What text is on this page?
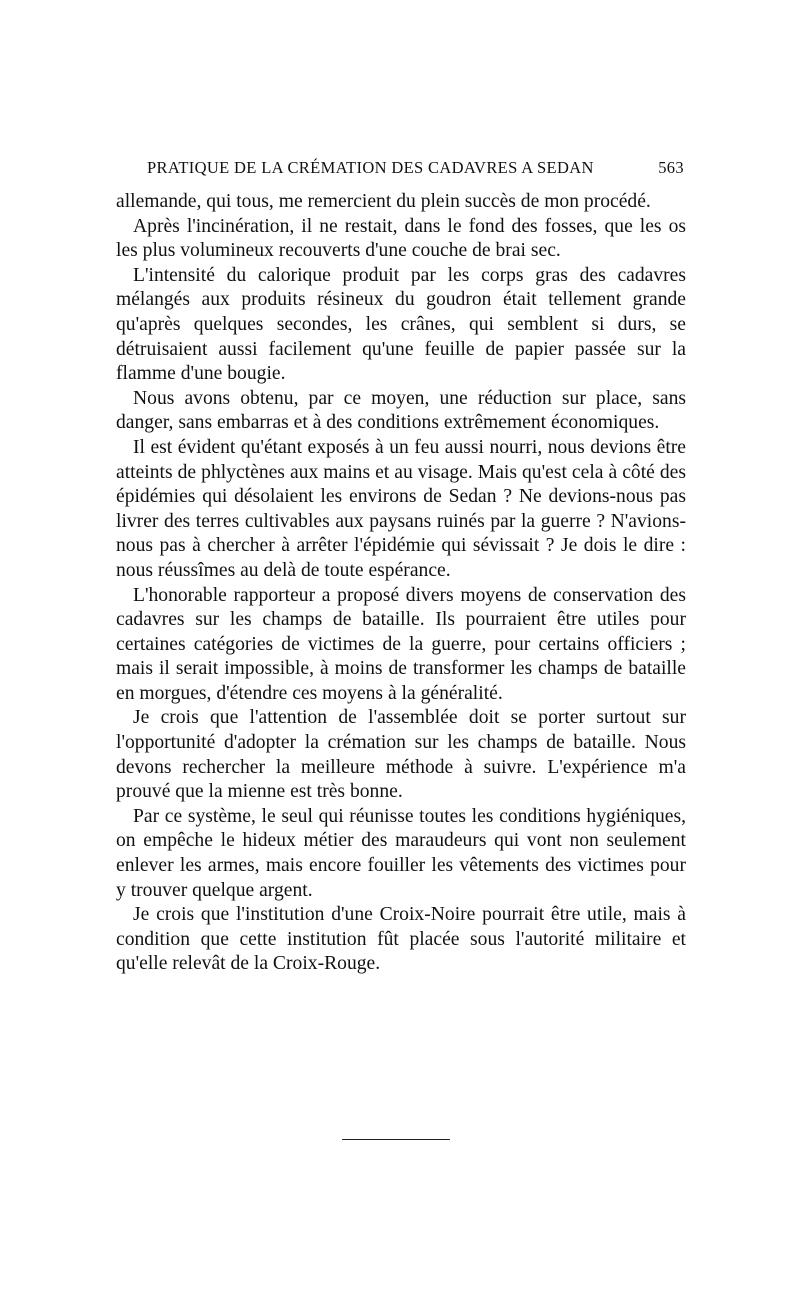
PRATIQUE DE LA CRÉMATION DES CADAVRES A SEDAN	563

allemande, qui tous, me remercient du plein succès de mon procédé.

Après l'incinération, il ne restait, dans le fond des fosses, que les os les plus volumineux recouverts d'une couche de brai sec.

L'intensité du calorique produit par les corps gras des cadavres mélangés aux produits résineux du goudron était tellement grande qu'après quelques secondes, les crânes, qui semblent si durs, se détruisaient aussi facilement qu'une feuille de papier passée sur la flamme d'une bougie.

Nous avons obtenu, par ce moyen, une réduction sur place, sans danger, sans embarras et à des conditions extrêmement économiques.

Il est évident qu'étant exposés à un feu aussi nourri, nous devions être atteints de phlyctènes aux mains et au visage. Mais qu'est cela à côté des épidémies qui désolaient les environs de Sedan ? Ne devions-nous pas livrer des terres cultivables aux paysans ruinés par la guerre ? N'avions-nous pas à chercher à arrêter l'épidémie qui sévissait ? Je dois le dire : nous réussîmes au delà de toute espérance.

L'honorable rapporteur a proposé divers moyens de conservation des cadavres sur les champs de bataille. Ils pourraient être utiles pour certaines catégories de victimes de la guerre, pour certains officiers ; mais il serait impossible, à moins de transformer les champs de bataille en morgues, d'étendre ces moyens à la généralité.

Je crois que l'attention de l'assemblée doit se porter surtout sur l'opportunité d'adopter la crémation sur les champs de bataille. Nous devons rechercher la meilleure méthode à suivre. L'expérience m'a prouvé que la mienne est très bonne.

Par ce système, le seul qui réunisse toutes les conditions hygiéniques, on empêche le hideux métier des maraudeurs qui vont non seulement enlever les armes, mais encore fouiller les vêtements des victimes pour y trouver quelque argent.

Je crois que l'institution d'une Croix-Noire pourrait être utile, mais à condition que cette institution fût placée sous l'autorité militaire et qu'elle relevât de la Croix-Rouge.
